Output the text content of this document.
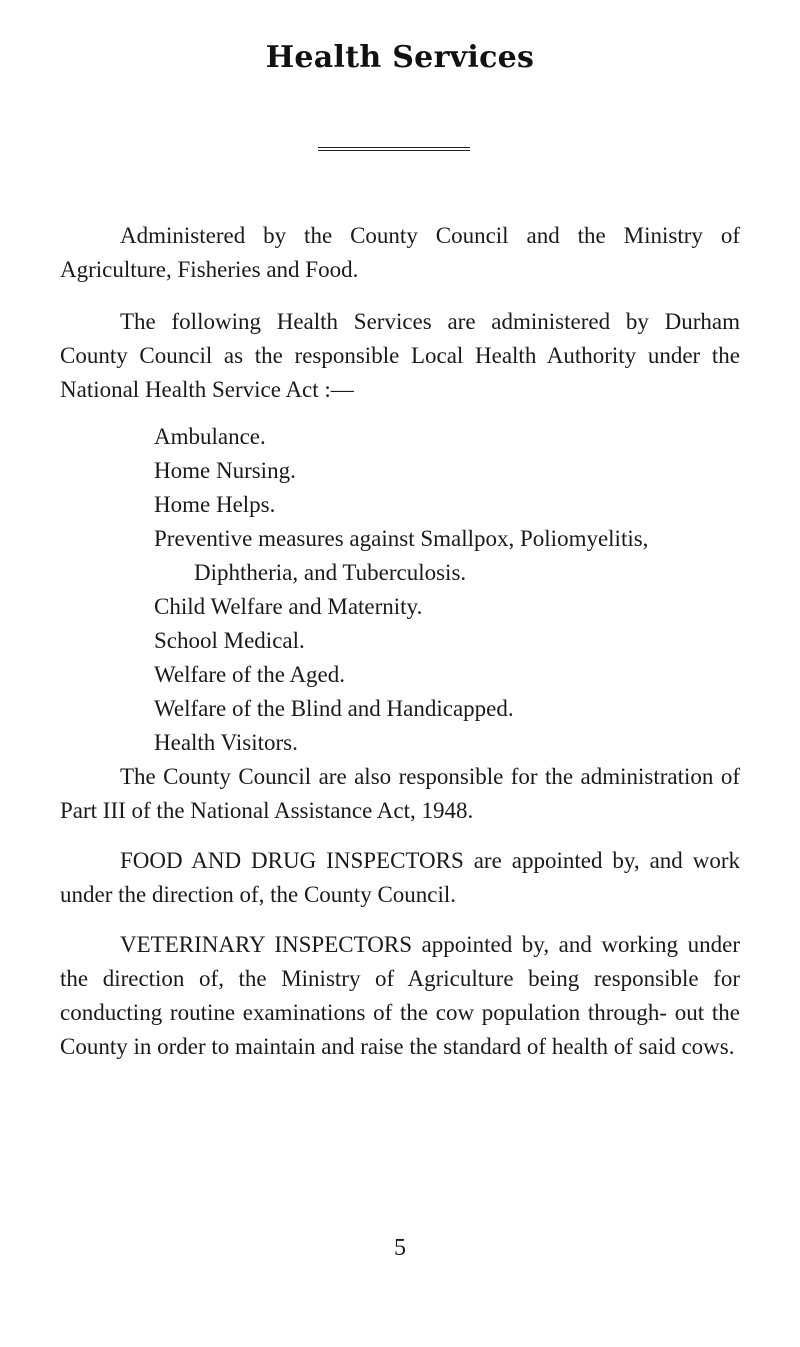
Health Services

Administered by the County Council and the Ministry of Agriculture, Fisheries and Food.

The following Health Services are administered by Durham County Council as the responsible Local Health Authority under the National Health Service Act :—

Ambulance.
Home Nursing.
Home Helps.
Preventive measures against Smallpox, Poliomyelitis, Diphtheria, and Tuberculosis.
Child Welfare and Maternity.
School Medical.
Welfare of the Aged.
Welfare of the Blind and Handicapped.
Health Visitors.

The County Council are also responsible for the administration of Part III of the National Assistance Act, 1948.

FOOD AND DRUG INSPECTORS are appointed by, and work under the direction of, the County Council.

VETERINARY INSPECTORS appointed by, and working under the direction of, the Ministry of Agriculture being responsible for conducting routine examinations of the cow population through- out the County in order to maintain and raise the standard of health of said cows.

5
